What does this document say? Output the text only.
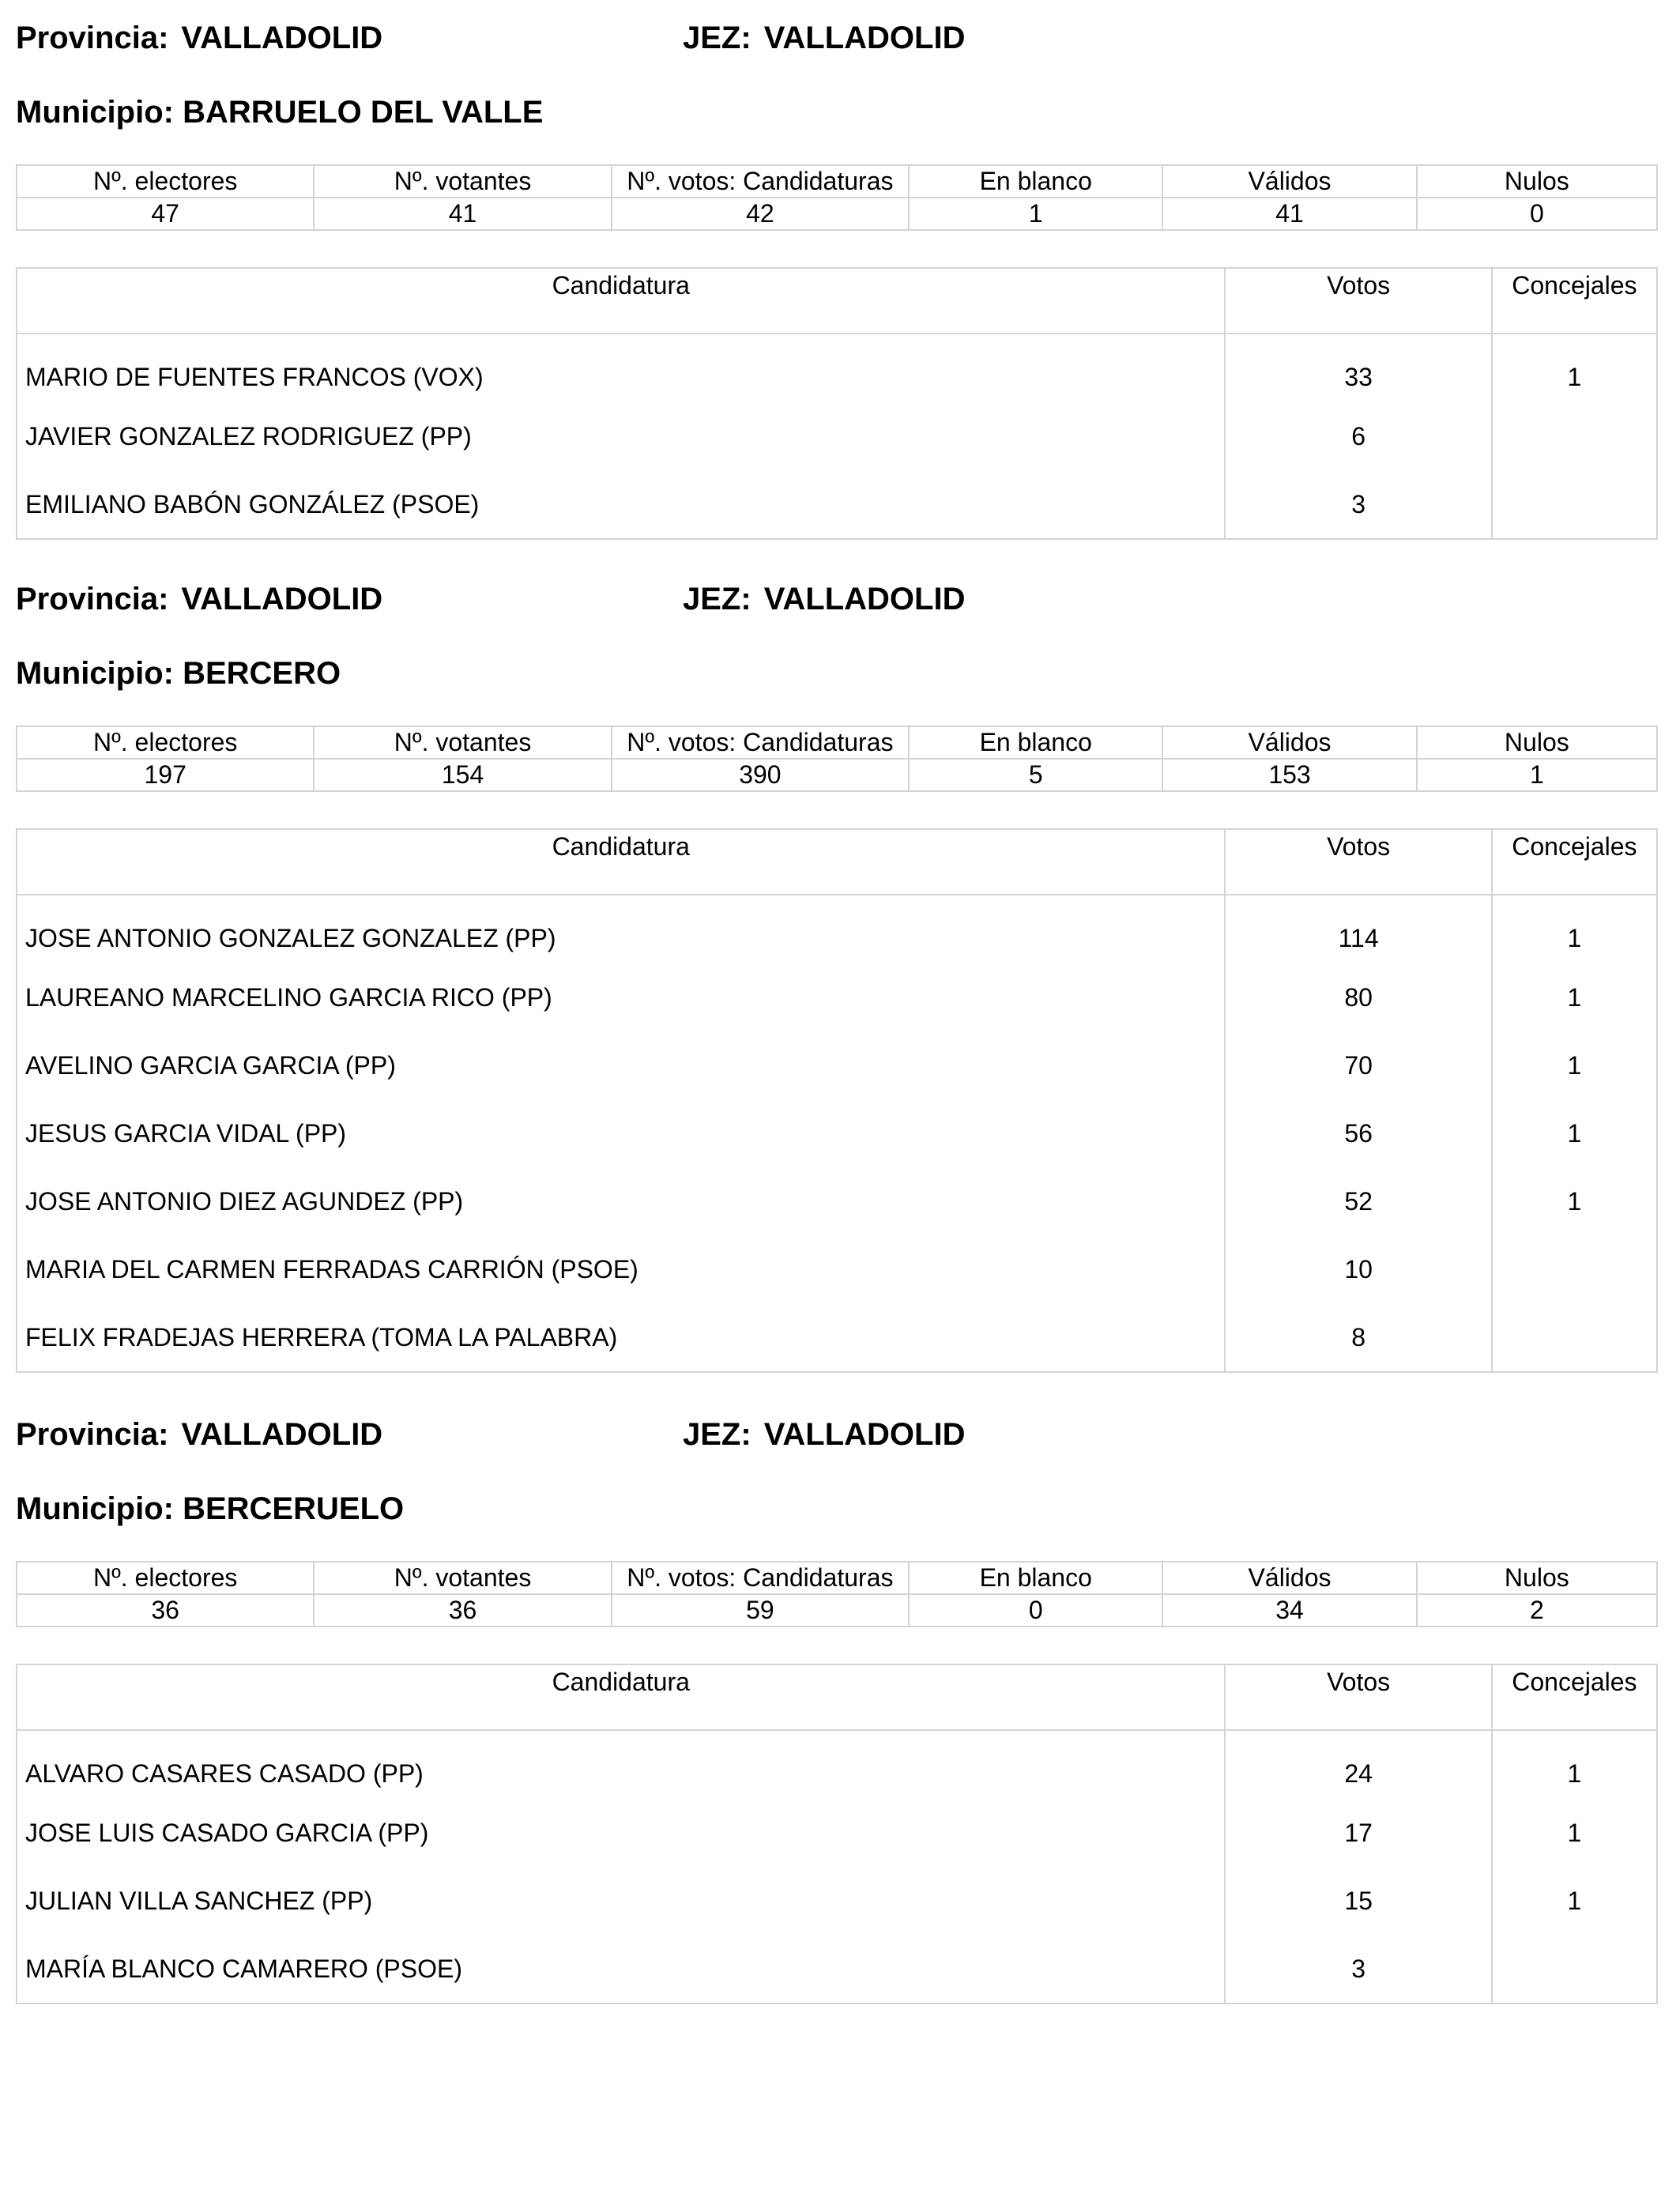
Provincia: VALLADOLID	JEZ: VALLADOLID
Municipio: BARRUELO DEL VALLE
Nº. electores	Nº. votantes	Nº. votos: Candidaturas	En blanco	Válidos	Nulos
47	41	42	1	41	0
Candidatura	Votos	Concejales
MARIO DE FUENTES FRANCOS (VOX)	33	1
JAVIER GONZALEZ RODRIGUEZ (PP)	6	
EMILIANO BABÓN GONZÁLEZ (PSOE)	3	
Provincia: VALLADOLID	JEZ: VALLADOLID
Municipio: BERCERO
Nº. electores	Nº. votantes	Nº. votos: Candidaturas	En blanco	Válidos	Nulos
197	154	390	5	153	1
Candidatura	Votos	Concejales
JOSE ANTONIO GONZALEZ GONZALEZ (PP)	114	1
LAUREANO MARCELINO GARCIA RICO (PP)	80	1
AVELINO GARCIA GARCIA (PP)	70	1
JESUS GARCIA VIDAL (PP)	56	1
JOSE ANTONIO DIEZ AGUNDEZ (PP)	52	1
MARIA DEL CARMEN FERRADAS CARRIÓN (PSOE)	10	
FELIX FRADEJAS HERRERA (TOMA LA PALABRA)	8	
Provincia: VALLADOLID	JEZ: VALLADOLID
Municipio: BERCERUELO
Nº. electores	Nº. votantes	Nº. votos: Candidaturas	En blanco	Válidos	Nulos
36	36	59	0	34	2
Candidatura	Votos	Concejales
ALVARO CASARES CASADO (PP)	24	1
JOSE LUIS CASADO GARCIA (PP)	17	1
JULIAN VILLA SANCHEZ (PP)	15	1
MARÍA BLANCO CAMARERO (PSOE)	3	
